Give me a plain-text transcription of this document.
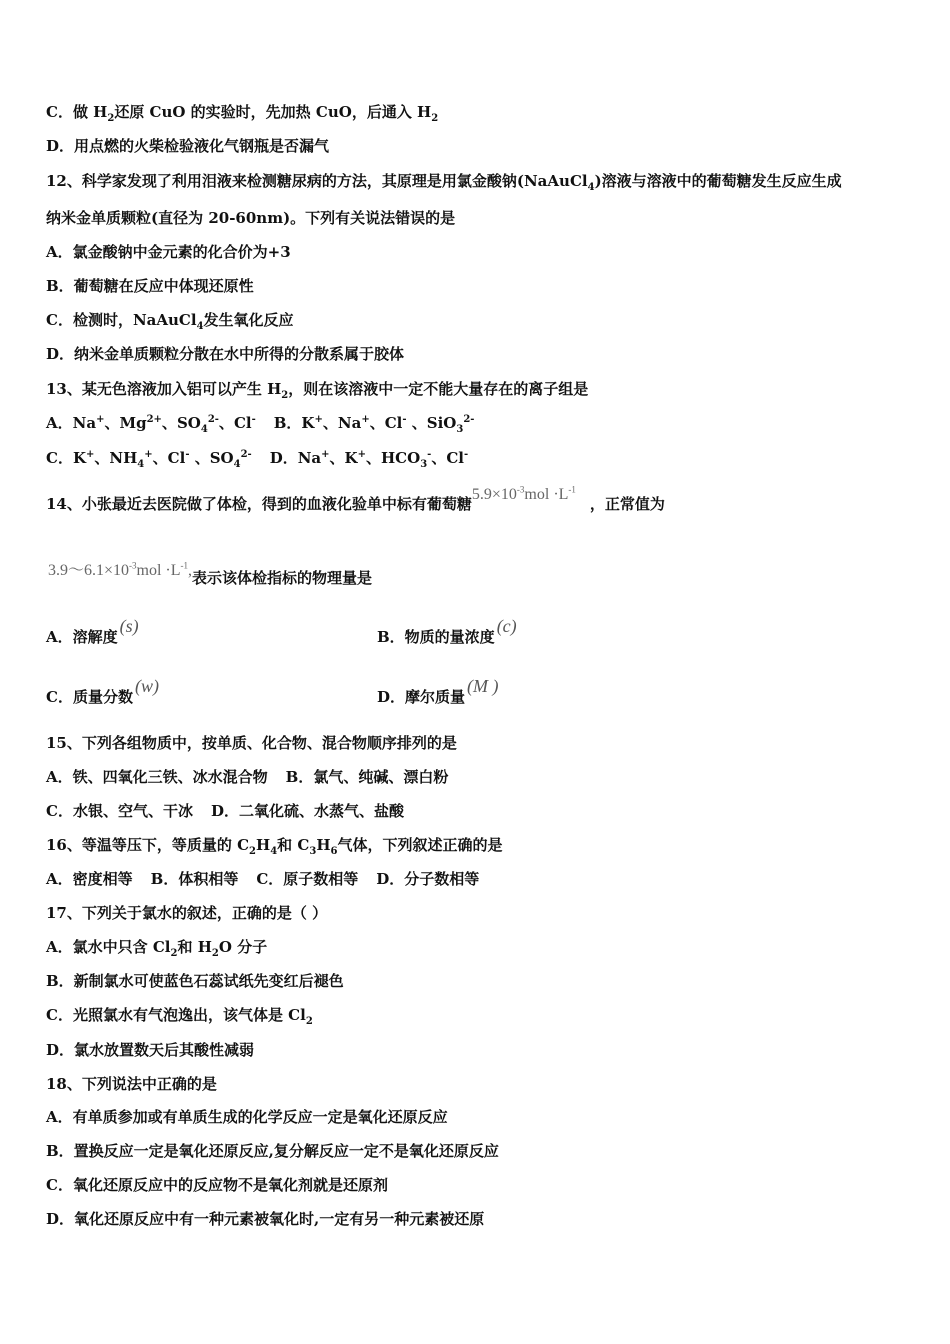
C．做 $H_2$还原 CuO 的实验时，先加热 CuO，后通入 $H_2$
D．用点燃的火柴检验液化气钢瓶是否漏气
12、科学家发现了利用泪液来检测糖尿病的方法，其原理是用氯金酸钠(NaAuCl$_4$)溶液与溶液中的葡萄糖发生反应生成
纳米金单质颗粒(直径为 20-60nm)。下列有关说法错误的是
A．氯金酸钠中金元素的化合价为+3
B．葡萄糖在反应中体现还原性
C．检测时，NaAuCl$_4$发生氧化反应
D．纳米金单质颗粒分散在水中所得的分散系属于胶体
13、某无色溶液加入铝可以产生 $H_2$，则在该溶液中一定不能大量存在的离子组是
A．Na+、$Mg^{2+}$、$SO_4^{2-}$、Cl- B．K+、Na+、Cl- 、SiO$_3^{2-}$
C．K+、$NH_4^+$、Cl- 、$SO_4^{2-}$ D．Na+、K+、$HCO_3^-$、Cl-
14、小张最近去医院做了体检，得到的血液化验单中标有葡萄糖$5.9\times 10^{-3}mol \cdot L^{-1}$，正常值为
$3.9\sim 6.1\times 10^{-3}mol \cdot L^{-1}$,表示该体检指标的物理量是
A．溶解度(s)
B．物质的量浓度(c)
C．质量分数(w)
D．摩尔质量(M )
15、下列各组物质中，按单质、化合物、混合物顺序排列的是
A．铁、四氧化三铁、冰水混合物 B．氯气、纯碱、漂白粉
C．水银、空气、干冰 D．二氧化硫、水蒸气、盐酸
16、等温等压下，等质量的 $C_2H_4$和 $C_3H_6$气体，下列叙述正确的是
A．密度相等 B．体积相等 C．原子数相等 D．分子数相等
17、下列关于氯水的叙述，正确的是（ ）
A．氯水中只含 $Cl_2$和 $H_2O$ 分子
B．新制氯水可使蓝色石蕊试纸先变红后褪色
C．光照氯水有气泡逸出，该气体是 $Cl_2$
D．氯水放置数天后其酸性减弱
18、下列说法中正确的是
A．有单质参加或有单质生成的化学反应一定是氧化还原反应
B．置换反应一定是氧化还原反应,复分解反应一定不是氧化还原反应
C．氧化还原反应中的反应物不是氧化剂就是还原剂
D．氧化还原反应中有一种元素被氧化时,一定有另一种元素被还原
